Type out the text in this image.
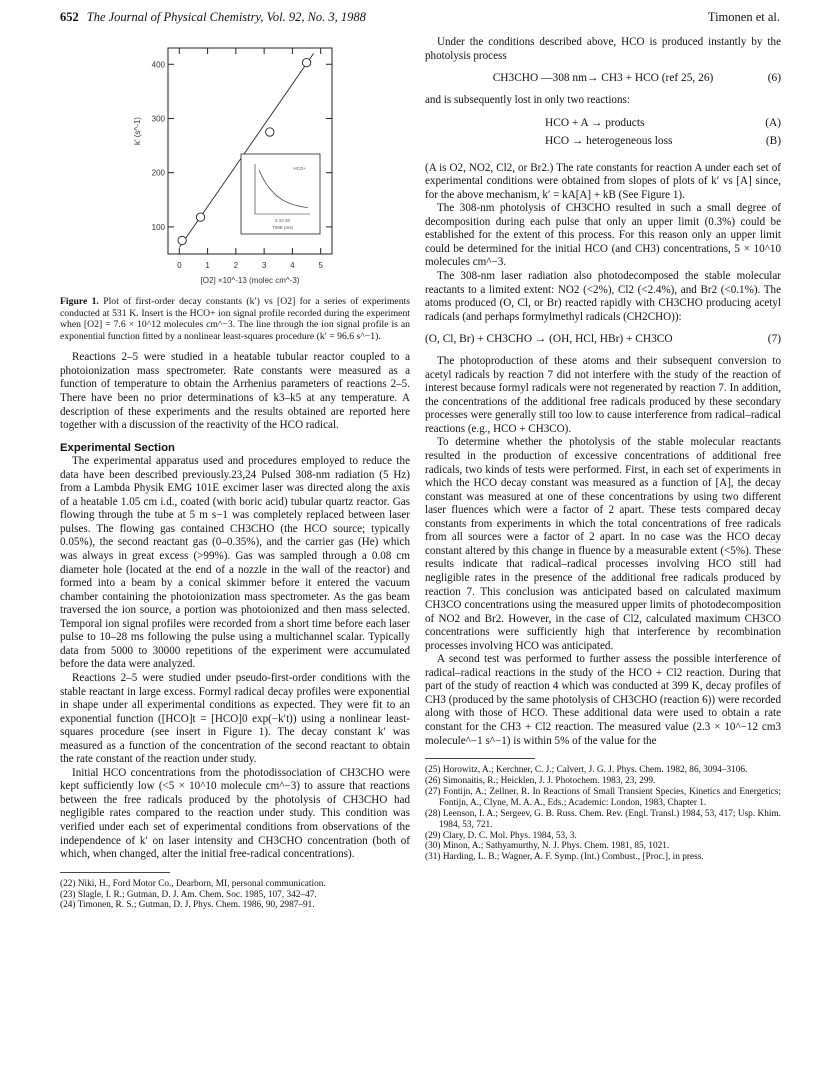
652 The Journal of Physical Chemistry, Vol. 92, No. 3, 1988	Timonen et al.
0	1	2	3	4	5
100
200
300
400
[O2] ×10^-13 (molec cm^-3)
k′ (s^-1)
HCO+
0 10 20
TIME (ms)

Figure 1. Plot of first-order decay constants (k′) vs [O2] for a series of experiments conducted at 531 K. Insert is the HCO+ ion signal profile recorded during the experiment when [O2] = 7.6 × 10^12 molecules cm^−3. The line through the ion signal profile is an exponential function fitted by a nonlinear least-squares procedure (k′ = 96.6 s^−1).

Reactions 2–5 were studied in a heatable tubular reactor coupled to a photoionization mass spectrometer. Rate constants were measured as a function of temperature to obtain the Arrhenius parameters of reactions 2–5. There have been no prior determinations of k3–k5 at any temperature. A description of these experiments and the results obtained are reported here together with a discussion of the reactivity of the HCO radical.

Experimental Section

The experimental apparatus used and procedures employed to reduce the data have been described previously.23,24 Pulsed 308-nm radiation (5 Hz) from a Lambda Physik EMG 101E excimer laser was directed along the axis of a heatable 1.05 cm i.d., coated (with boric acid) tubular quartz reactor. Gas flowing through the tube at 5 m s−1 was completely replaced between laser pulses. The flowing gas contained CH3CHO (the HCO source; typically 0.05%), the second reactant gas (0–0.35%), and the carrier gas (He) which was always in great excess (>99%). Gas was sampled through a 0.08 cm diameter hole (located at the end of a nozzle in the wall of the reactor) and formed into a beam by a conical skimmer before it entered the vacuum chamber containing the photoionization mass spectrometer. As the gas beam traversed the ion source, a portion was photoionized and then mass selected. Temporal ion signal profiles were recorded from a short time before each laser pulse to 10–28 ms following the pulse using a multichannel scalar. Typically data from 5000 to 30000 repetitions of the experiment were accumulated before the data were analyzed.

Reactions 2–5 were studied under pseudo-first-order conditions with the stable reactant in large excess. Formyl radical decay profiles were exponential in shape under all experimental conditions as expected. They were fit to an exponential function ([HCO]t = [HCO]0 exp(−k′t)) using a nonlinear least-squares procedure (see insert in Figure 1). The decay constant k′ was measured as a function of the concentration of the second reactant to obtain the rate constant of the reaction under study.

Initial HCO concentrations from the photodissociation of CH3CHO were kept sufficiently low (<5 × 10^10 molecule cm^−3) to assure that reactions between the free radicals produced by the photolysis of CH3CHO had negligible rates compared to the reaction under study. This condition was verified under each set of experimental conditions from observations of the independence of k′ on laser intensity and CH3CHO concentration (both of which, when changed, alter the initial free-radical concentrations).

(22) Niki, H., Ford Motor Co., Dearborn, MI, personal communication.
(23) Slagle, I. R.; Gutman, D. J. Am. Chem. Soc. 1985, 107, 342–47.
(24) Timonen, R. S.; Gutman, D. J. Phys. Chem. 1986, 90, 2987–91.

Under the conditions described above, HCO is produced instantly by the photolysis process

CH3CHO —308 nm→ CH3 + HCO (ref 25, 26)	(6)

and is subsequently lost in only two reactions:

HCO + A → products	(A)
HCO → heterogeneous loss	(B)

(A is O2, NO2, Cl2, or Br2.) The rate constants for reaction A under each set of experimental conditions were obtained from slopes of plots of k′ vs [A] since, for the above mechanism, k′ = kA[A] + kB (See Figure 1).

The 308-nm photolysis of CH3CHO resulted in such a small degree of decomposition during each pulse that only an upper limit (0.3%) could be established for the extent of this process. For this reason only an upper limit could be determined for the initial HCO (and CH3) concentrations, 5 × 10^10 molecules cm^−3.

The 308-nm laser radiation also photodecomposed the stable molecular reactants to a limited extent: NO2 (<2%), Cl2 (<2.4%), and Br2 (<0.1%). The atoms produced (O, Cl, or Br) reacted rapidly with CH3CHO producing acetyl radicals (and perhaps formylmethyl radicals (CH2CHO)):

(O, Cl, Br) + CH3CHO → (OH, HCl, HBr) + CH3CO	(7)

The photoproduction of these atoms and their subsequent conversion to acetyl radicals by reaction 7 did not interfere with the study of the reaction of interest because formyl radicals were not regenerated by reaction 7. In addition, the concentrations of the additional free radicals produced by these secondary processes were generally still too low to cause interference from radical–radical reactions (e.g., HCO + CH3CO).

To determine whether the photolysis of the stable molecular reactants resulted in the production of excessive concentrations of additional free radicals, two kinds of tests were performed. First, in each set of experiments in which the HCO decay constant was measured as a function of [A], the decay constant was measured at one of these concentrations by using two different laser fluences which were a factor of 2 apart. These tests compared decay constants from experiments in which the total concentrations of free radicals from all sources were a factor of 2 apart. In no case was the HCO decay constant altered by this change in fluence by a measurable extent (<5%). These results indicate that radical–radical processes involving HCO still had negligible rates in the presence of the additional free radicals produced by reaction 7. This conclusion was anticipated based on calculated maximum CH3CO concentrations using the measured upper limits of photodecomposition of NO2 and Br2. However, in the case of Cl2, calculated maximum CH3CO concentrations were sufficiently high that interference by recombination processes involving HCO was anticipated.

A second test was performed to further assess the possible interference of radical–radical reactions in the study of the HCO + Cl2 reaction. During that part of the study of reaction 4 which was conducted at 399 K, decay profiles of CH3 (produced by the same photolysis of CH3CHO (reaction 6)) were recorded along with those of HCO. These additional data were used to obtain a rate constant for the CH3 + Cl2 reaction. The measured value (2.3 × 10^−12 cm3 molecule^−1 s^−1) is within 5% of the value for the

(25) Horowitz, A.; Kerchner, C. J.; Calvert, J. G. J. Phys. Chem. 1982, 86, 3094–3106.
(26) Simonaitis, R.; Heicklen, J. J. Photochem. 1983, 23, 299.
(27) Fontijn, A.; Zellner, R. In Reactions of Small Transient Species, Kinetics and Energetics; Fontijn, A., Clyne, M. A. A., Eds.; Academic: London, 1983, Chapter 1.
(28) Leenson, I. A.; Sergeev, G. B. Russ. Chem. Rev. (Engl. Transl.) 1984, 53, 417; Usp. Khim. 1984, 53, 721.
(29) Clary, D. C. Mol. Phys. 1984, 53, 3.
(30) Minon, A.; Sathyamurthy, N. J. Phys. Chem. 1981, 85, 1021.
(31) Harding, L. B.; Wagner, A. F. Symp. (Int.) Combust., [Proc.], in press.
